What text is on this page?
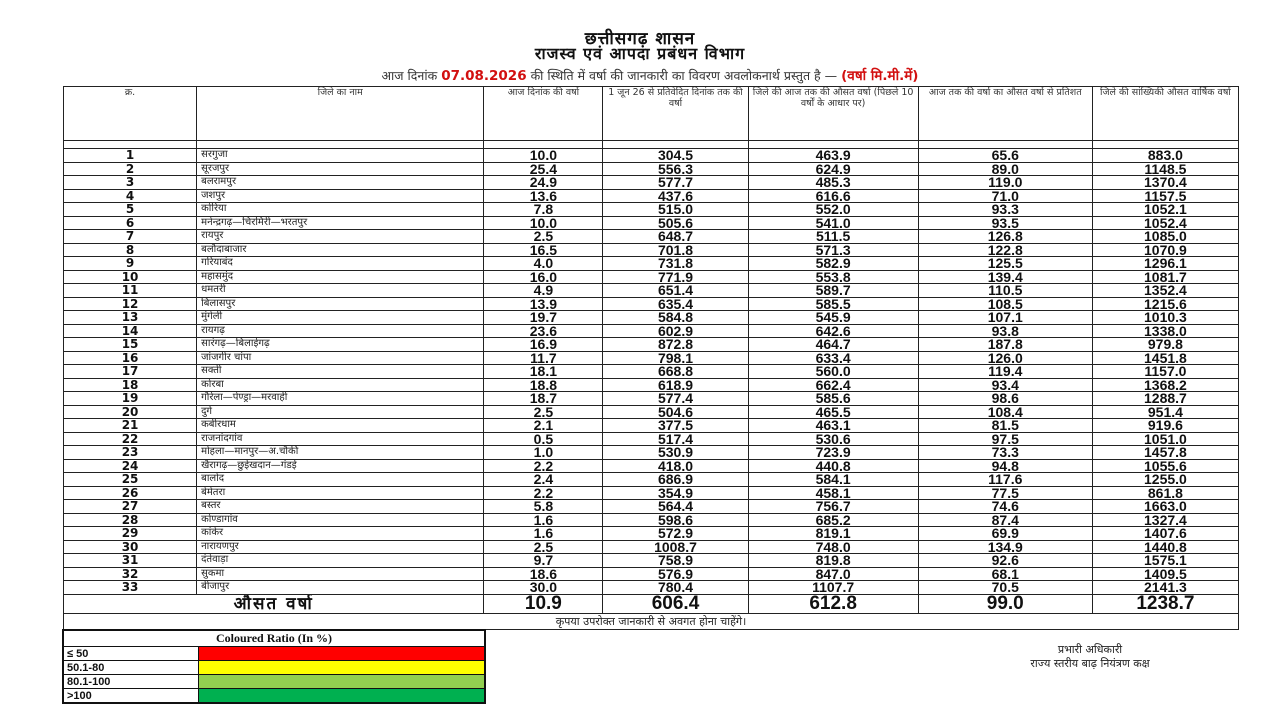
छत्तीसगढ़ शासन
राजस्व एवं आपदा प्रबंधन विभाग
आज दिनांक 07.08.2026 की स्थिति में वर्षा की जानकारी का विवरण अवलोकनार्थ प्रस्तुत है — (वर्षा मि.मी.में)
क्र.	जिले का नाम	आज दिनांक की वर्षा	1 जून 26 से प्रतिवेदित दिनांक तक की वर्षा	जिले की आज तक की औसत वर्षा (पिछले 10 वर्षों के आधार पर)	आज तक की वर्षा का औसत वर्षा से प्रतिशत	जिले की सांख्यिकी औसत वार्षिक वर्षा

1	सरगुजा	10.0	304.5	463.9	65.6	883.0
2	सूरजपुर	25.4	556.3	624.9	89.0	1148.5
3	बलरामपुर	24.9	577.7	485.3	119.0	1370.4
4	जशपुर	13.6	437.6	616.6	71.0	1157.5
5	कोरिया	7.8	515.0	552.0	93.3	1052.1
6	मनेन्द्रगढ़—चिरमिरी—भरतपुर	10.0	505.6	541.0	93.5	1052.4
7	रायपुर	2.5	648.7	511.5	126.8	1085.0
8	बलौदाबाजार	16.5	701.8	571.3	122.8	1070.9
9	गरियाबंद	4.0	731.8	582.9	125.5	1296.1
10	महासमुंद	16.0	771.9	553.8	139.4	1081.7
11	धमतरी	4.9	651.4	589.7	110.5	1352.4
12	बिलासपुर	13.9	635.4	585.5	108.5	1215.6
13	मुंगेली	19.7	584.8	545.9	107.1	1010.3
14	रायगढ़	23.6	602.9	642.6	93.8	1338.0
15	सारंगढ़—बिलाईगढ़	16.9	872.8	464.7	187.8	979.8
16	जांजगीर चांपा	11.7	798.1	633.4	126.0	1451.8
17	सक्ती	18.1	668.8	560.0	119.4	1157.0
18	कोरबा	18.8	618.9	662.4	93.4	1368.2
19	गौरेला—पेण्ड्रा—मरवाही	18.7	577.4	585.6	98.6	1288.7
20	दुर्ग	2.5	504.6	465.5	108.4	951.4
21	कबीरधाम	2.1	377.5	463.1	81.5	919.6
22	राजनांदगांव	0.5	517.4	530.6	97.5	1051.0
23	मोहला—मानपुर—अ.चौकी	1.0	530.9	723.9	73.3	1457.8
24	खैरागढ़—छुईखदान—गंडई	2.2	418.0	440.8	94.8	1055.6
25	बालोद	2.4	686.9	584.1	117.6	1255.0
26	बेमेतरा	2.2	354.9	458.1	77.5	861.8
27	बस्तर	5.8	564.4	756.7	74.6	1663.0
28	कोण्डागांव	1.6	598.6	685.2	87.4	1327.4
29	कांकेर	1.6	572.9	819.1	69.9	1407.6
30	नारायणपुर	2.5	1008.7	748.0	134.9	1440.8
31	दंतेवाड़ा	9.7	758.9	819.8	92.6	1575.1
32	सुकमा	18.6	576.9	847.0	68.1	1409.5
33	बीजापुर	30.0	780.4	1107.7	70.5	2141.3
औसत वर्षा		10.9	606.4	612.8	99.0	1238.7
कृपया उपरोक्त जानकारी से अवगत होना चाहेंगे।						
Coloured Ratio (In %)	
≤ 50	
50.1-80	
80.1-100	
>100	
प्रभारी अधिकारी
राज्य स्तरीय बाढ़ नियंत्रण कक्ष
